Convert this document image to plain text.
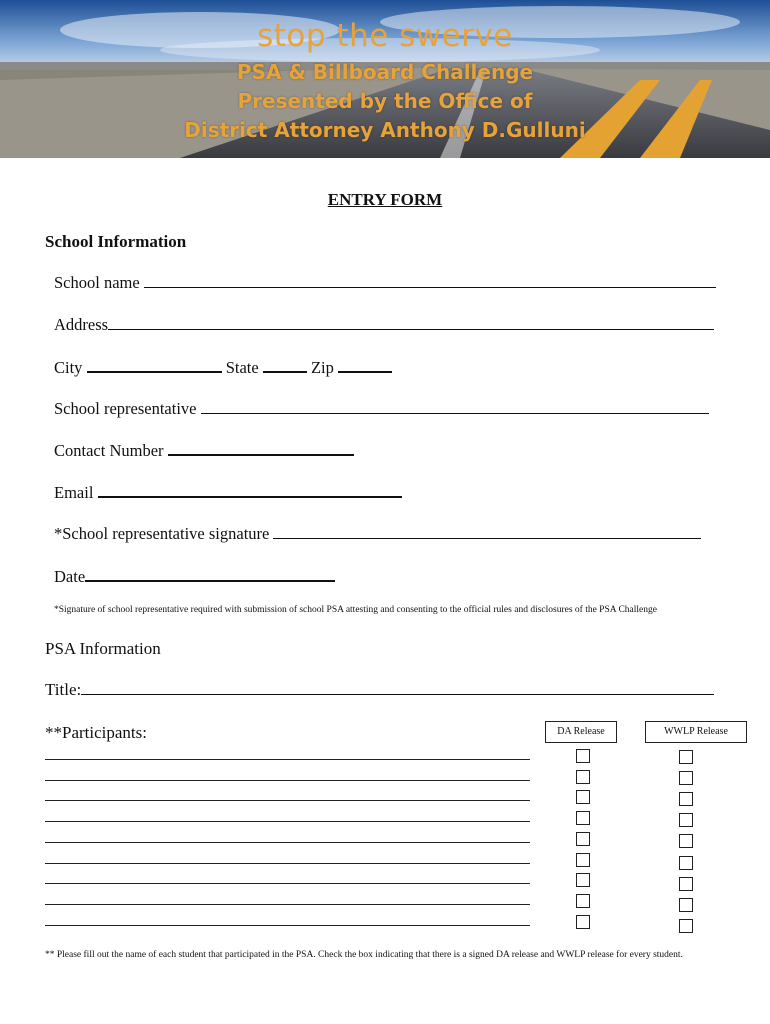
stop the swerve
PSA & Billboard Challenge
Presented by the Office of
District Attorney Anthony D.Gulluni
ENTRY FORM
School Information
School name
Address
City	State	Zip
School representative
Contact Number
Email
*School representative signature
Date
*Signature of school representative required with submission of school PSA attesting and consenting to the official rules and disclosures of the PSA Challenge
PSA Information
Title:
**Participants:	DA Release	WWLP Release
** Please fill out the name of each student that participated in the PSA. Check the box indicating that there is a signed DA release and WWLP release for every student.
